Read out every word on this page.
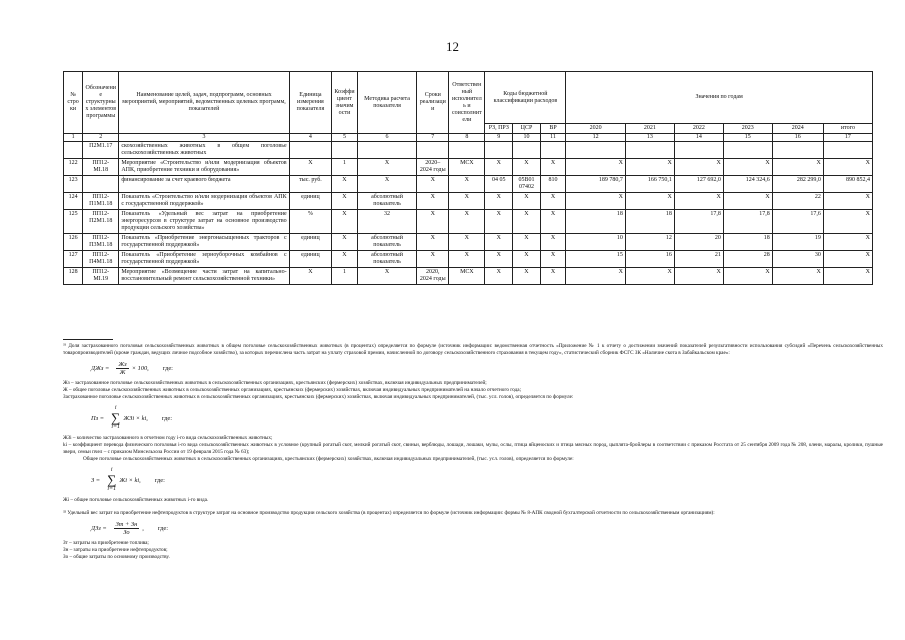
12
№ строки	Обозначение структурных элементов программы	Наименование целей, задач, подпрограмм, основных мероприятий, мероприятий, ведомственных целевых программ, показателей	Единица измерения показателя	Коэффициент значимости	Методика расчета показателя	Сроки реализации	Ответственный исполнитель и соисполнители	Коды бюджетной классификации расходов			Значения по годам					
								РЗ, ПРЗ	ЦСР	ВР	2020	2021	2022	2023	2024	итого
1	2	3	4	5	6	7	8	9	10	11	12	13	14	15	16	17
	П2М1.17	скохозяйственных животных в общем поголовье сельскохозяйственных животных														
122	ПП12-МI.18	Мероприятие «Строительство и/или модернизация объектов АПК, приобретение техники и оборудования»	Х	1	Х	2020–2024 годы	МСХ	Х	Х	Х	Х	Х	Х	Х	Х	Х
123		финансирование за счет краевого бюджета	тыс. руб.	Х	Х	Х	Х	04 05	05В01 07402	810	189 780,7	166 750,1	127 692,0	124 324,6	282 299,0	890 852,4
124	ПП12-П1М1.18	Показатель «Строительство и/или модернизация объектов АПК с государственной поддержкой»	единиц	Х	абсолютный показатель	Х	Х	Х	Х	Х	Х	Х	Х	Х	22	Х
125	ПП12-П2М1.18	Показатель «Удельный вес затрат на приобретение энергоресурсов в структуре затрат на основное производство продукции сельского хозяйства»	%	Х	32	Х	Х	Х	Х	Х	18	18	17,8	17,8	17,6	Х
126	ПП12-П3М1.18	Показатель «Приобретение энергонасыщенных тракторов с государственной поддержкой»	единиц	Х	абсолютный показатель	Х	Х	Х	Х	Х	10	12	20	18	19	Х
127	ПП12-П4М1.18	Показатель «Приобретение зерноуборочных комбайнов с государственной поддержкой»	единиц	Х	абсолютный показатель	Х	Х	Х	Х	Х	15	16	21	28	30	Х
128	ПП12-МI.19	Мероприятие «Возмещение части затрат на капитально-восстановительный ремонт сельскохозяйственной техники»	Х	1	Х	2020, 2024 годы	МСХ	Х	Х	Х	Х	Х	Х	Х	Х	Х

³¹ Доля застрахованного поголовья сельскохозяйственных животных в общем поголовье сельскохозяйственных животных (в процентах) определяется по формуле (источник информации: ведомственная отчетность «Приложение № 1 к отчету о достижении значений показателей результативности использования субсидий «Перечень сельскохозяйственных товаропроизводителей (кроме граждан, ведущих личное подсобное хозяйство), за которых перечислена часть затрат на уплату страховой премии, начисленной по договору сельскохозяйственного страхования в текущем году», статистический сборник ФСГС ЗК «Наличие скота в Забайкальском крае»:

ДЖз = $\frac{Жз}{Ж} \times 100$, где:

Жз – застрахованное поголовье сельскохозяйственных животных в сельскохозяйственных организациях, крестьянских (фермерских) хозяйствах, включая индивидуальных предпринимателей;

Ж – общее поголовье сельскохозяйственных животных в сельскохозяйственных организациях, крестьянских (фермерских) хозяйствах, включая индивидуальных предпринимателей на начало отчетного года;

Застрахованное поголовье сельскохозяйственных животных в сельскохозяйственных организациях, крестьянских (фермерских) хозяйствах, включая индивидуальных предпринимателей, (тыс. усл. голов), определяется по формуле:

Пз =
i
∑
i=1
ЖЗi × ki, где:

ЖЗi – количество застрахованного в отчетном году i-го вида сельскохозяйственных животных;

ki – коэффициент перевода физического поголовья i-го вида сельскохозяйственных животных в условное (крупный рогатый скот, мелкий рогатый скот, свиньи, верблюды, лошади, лошаки, мулы, ослы, птица яйценоских и птица мясных пород, цыплята-бройлеры в соответствии с приказом Росстата от 25 сентября 2009 года № 208, олени, маралы, кролики, пушные звери, семьи пчел – с приказом Минсельхоза России от 19 февраля 2015 года № 63);

Общее поголовье сельскохозяйственных животных в сельскохозяйственных организациях, крестьянских (фермерских) хозяйствах, включая индивидуальных предпринимателей, (тыс. усл. голов), определяется по формуле:

З =
i
∑
i=1
Жi × ki, где:

Жi – общее поголовье сельскохозяйственных животных i-го вида.

³² Удельный вес затрат на приобретение нефтепродуктов в структуре затрат на основное производство продукции сельского хозяйства (в процентах) определяется по формуле (источник информации: формы № 8-АПК сводной бухгалтерской отчетности по сельскохозяйственным организациям):

ДЗз = $\frac{Зт + Зн}{Зо}$ , где:

Зт – затраты на приобретение топлива;

Зн – затраты на приобретение нефтепродуктов;

Зо – общие затраты по основному производству.
